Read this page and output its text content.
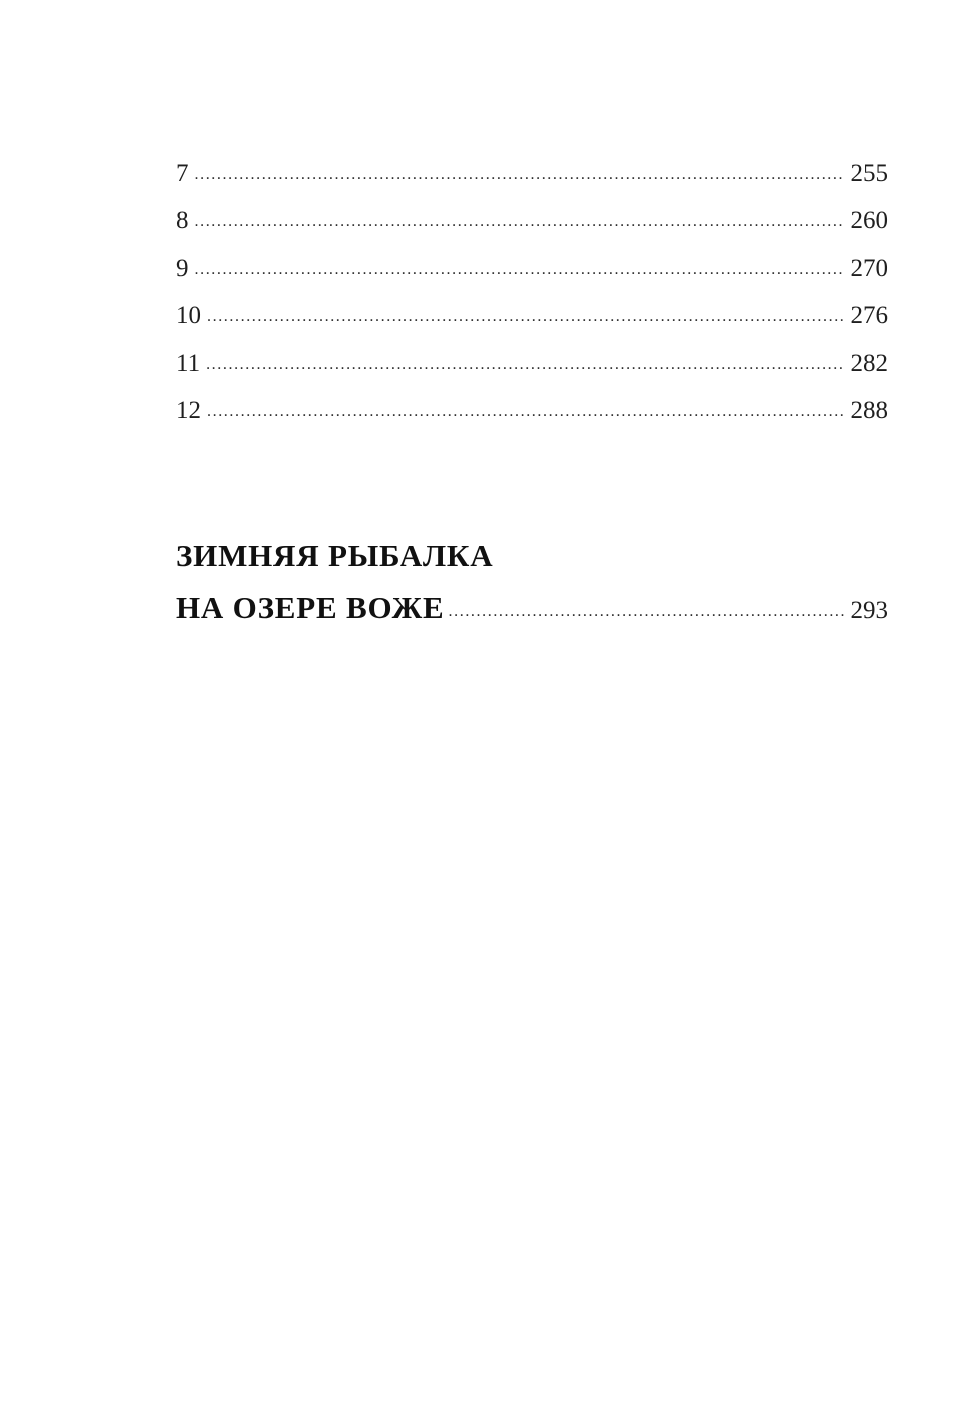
7 .....	255
8 .....	260
9 .....	270
10 .....	276
11 .....	282
12 .....	288
ЗИМНЯЯ РЫБАЛКА
НА ОЗЕРЕ ВОЖЕ .....	293
